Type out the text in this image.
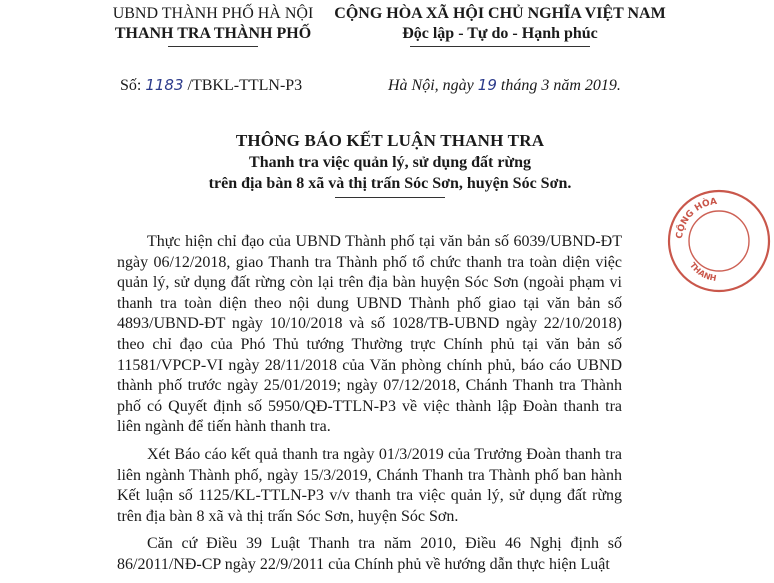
UBND THÀNH PHỐ HÀ NỘI
THANH TRA THÀNH PHỐ
CỘNG HÒA XÃ HỘI CHỦ NGHĨA VIỆT NAM
Độc lập - Tự do - Hạnh phúc
Số: 1183 /TBKL-TTLN-P3	Hà Nội, ngày 19 tháng 3 năm 2019.
THÔNG BÁO KẾT LUẬN THANH TRA
Thanh tra việc quản lý, sử dụng đất rừng
trên địa bàn 8 xã và thị trấn Sóc Sơn, huyện Sóc Sơn.

Thực hiện chỉ đạo của UBND Thành phố tại văn bản số 6039/UBND-ĐT ngày 06/12/2018, giao Thanh tra Thành phố tổ chức thanh tra toàn diện việc quản lý, sử dụng đất rừng còn lại trên địa bàn huyện Sóc Sơn (ngoài phạm vi thanh tra toàn diện theo nội dung UBND Thành phố giao tại văn bản số 4893/UBND-ĐT ngày 10/10/2018 và số 1028/TB-UBND ngày 22/10/2018) theo chỉ đạo của Phó Thủ tướng Thường trực Chính phủ tại văn bản số 11581/VPCP-VI ngày 28/11/2018 của Văn phòng chính phủ, báo cáo UBND thành phố trước ngày 25/01/2019; ngày 07/12/2018, Chánh Thanh tra Thành phố có Quyết định số 5950/QĐ-TTLN-P3 về việc thành lập Đoàn thanh tra liên ngành để tiến hành thanh tra.

Xét Báo cáo kết quả thanh tra ngày 01/3/2019 của Trưởng Đoàn thanh tra liên ngành Thành phố, ngày 15/3/2019, Chánh Thanh tra Thành phố ban hành Kết luận số 1125/KL-TTLN-P3 v/v thanh tra việc quản lý, sử dụng đất rừng trên địa bàn 8 xã và thị trấn Sóc Sơn, huyện Sóc Sơn.

Căn cứ Điều 39 Luật Thanh tra năm 2010, Điều 46 Nghị định số 86/2011/NĐ-CP ngày 22/9/2011 của Chính phủ về hướng dẫn thực hiện Luật

CỘNG HÒA
THANH
